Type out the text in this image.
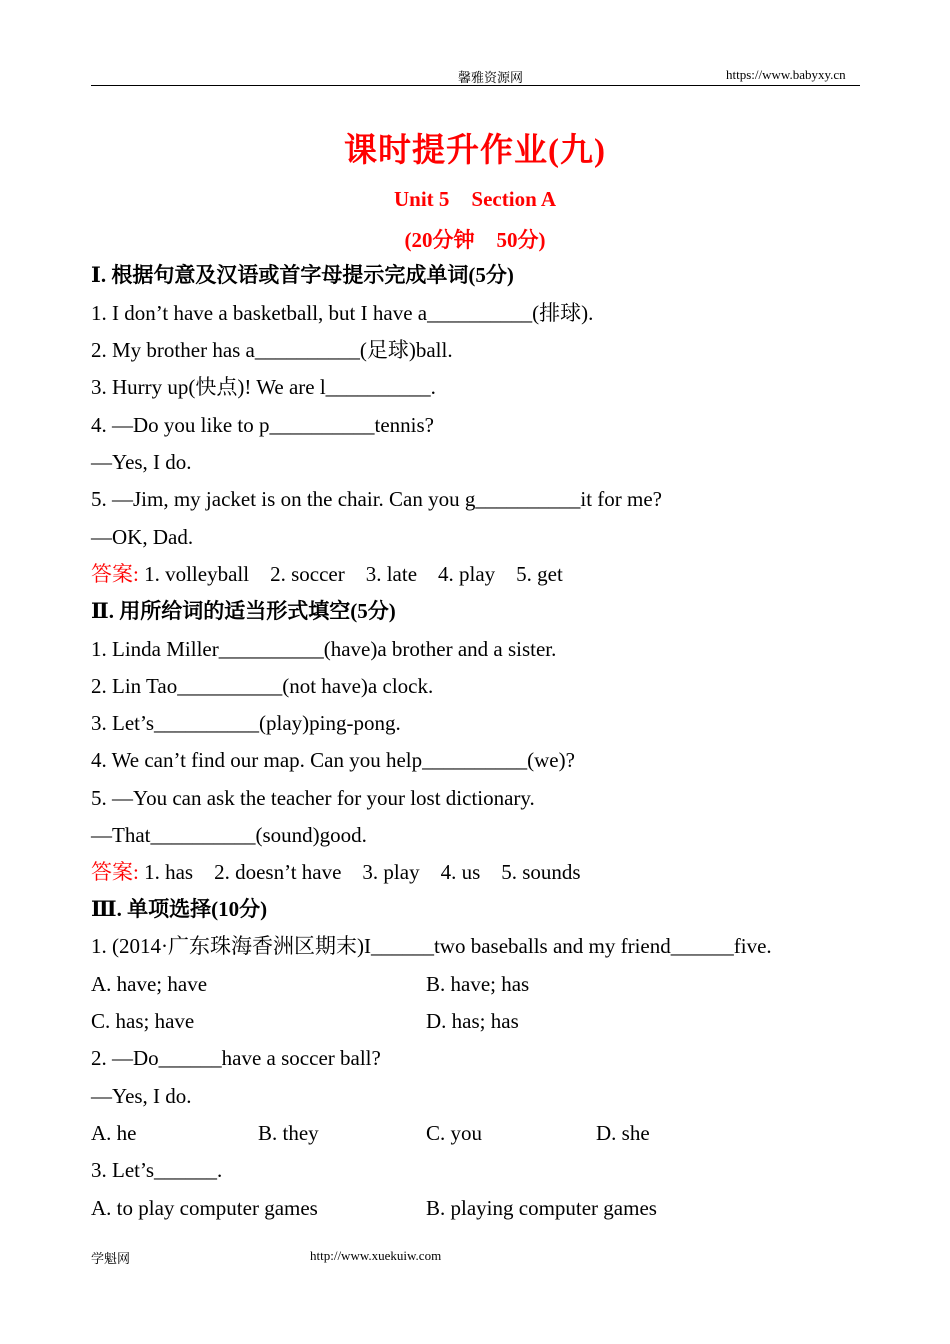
馨雅资源网	https://www.babyxy.cn
课时提升作业(九)
Unit 5 Section A
(20分钟 50分)
Ⅰ. 根据句意及汉语或首字母提示完成单词(5分)
1. I don’t have a basketball, but I have a__________(排球).
2. My brother has a__________(足球)ball.
3. Hurry up(快点)! We are l__________.
4. —Do you like to p__________tennis?
—Yes, I do.
5. —Jim, my jacket is on the chair. Can you g__________it for me?
—OK, Dad.
答案: 1. volleyball    2. soccer    3. late    4. play    5. get
Ⅱ. 用所给词的适当形式填空(5分)
1. Linda Miller__________(have)a brother and a sister.
2. Lin Tao__________(not have)a clock.
3. Let’s__________(play)ping-pong.
4. We can’t find our map. Can you help__________(we)?
5. —You can ask the teacher for your lost dictionary.
—That__________(sound)good.
答案: 1. has    2. doesn’t have    3. play    4. us    5. sounds
Ⅲ. 单项选择(10分)
1. (2014·广东珠海香洲区期末)I______two baseballs and my friend______five.
A. have; have	B. have; has
C. has; have	D. has; has
2. —Do______have a soccer ball?
—Yes, I do.
A. he	B. they	C. you	D. she
3. Let’s______.
A. to play computer games	B. playing computer games
学魁网	http://www.xuekuiw.com
